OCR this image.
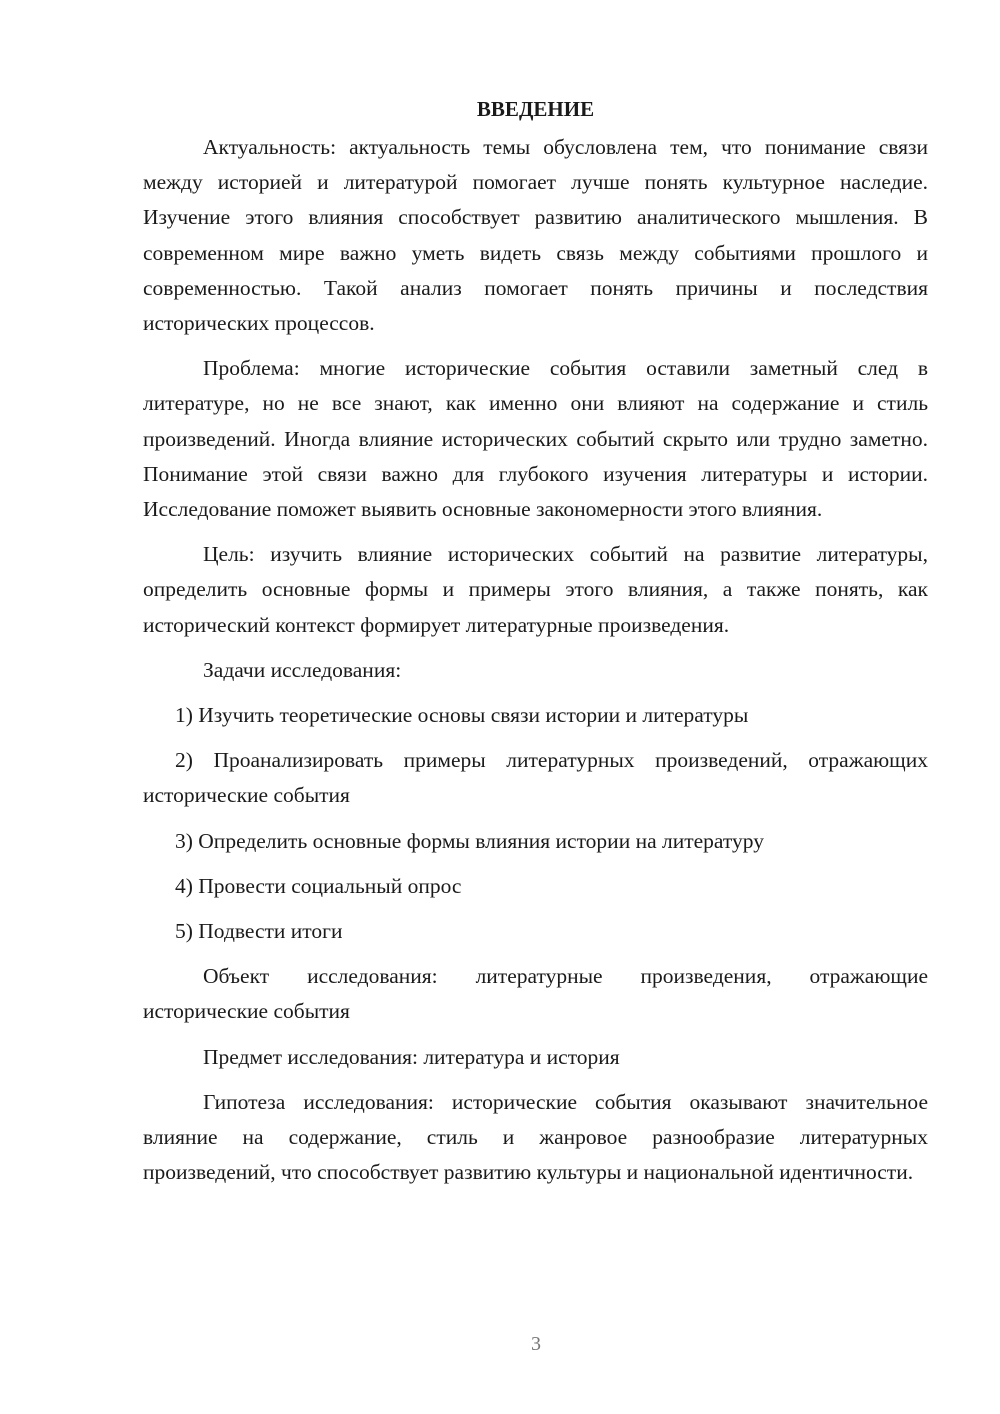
ВВЕДЕНИЕ

Актуальность: актуальность темы обусловлена тем, что понимание связи между историей и литературой помогает лучше понять культурное наследие. Изучение этого влияния способствует развитию аналитического мышления. В современном мире важно уметь видеть связь между событиями прошлого и современностью. Такой анализ помогает понять причины и последствия исторических процессов.

Проблема: многие исторические события оставили заметный след в литературе, но не все знают, как именно они влияют на содержание и стиль произведений. Иногда влияние исторических событий скрыто или трудно заметно. Понимание этой связи важно для глубокого изучения литературы и истории. Исследование поможет выявить основные закономерности этого влияния.

Цель: изучить влияние исторических событий на развитие литературы, определить основные формы и примеры этого влияния, а также понять, как исторический контекст формирует литературные произведения.

Задачи исследования:

1) Изучить теоретические основы связи истории и литературы

2) Проанализировать примеры литературных произведений, отражающих исторические события

3) Определить основные формы влияния истории на литературу

4) Провести социальный опрос

5) Подвести итоги

Объект исследования: литературные произведения, отражающие исторические события

Предмет исследования: литература и история

Гипотеза исследования: исторические события оказывают значительное влияние на содержание, стиль и жанровое разнообразие литературных произведений, что способствует развитию культуры и национальной идентичности.

3
